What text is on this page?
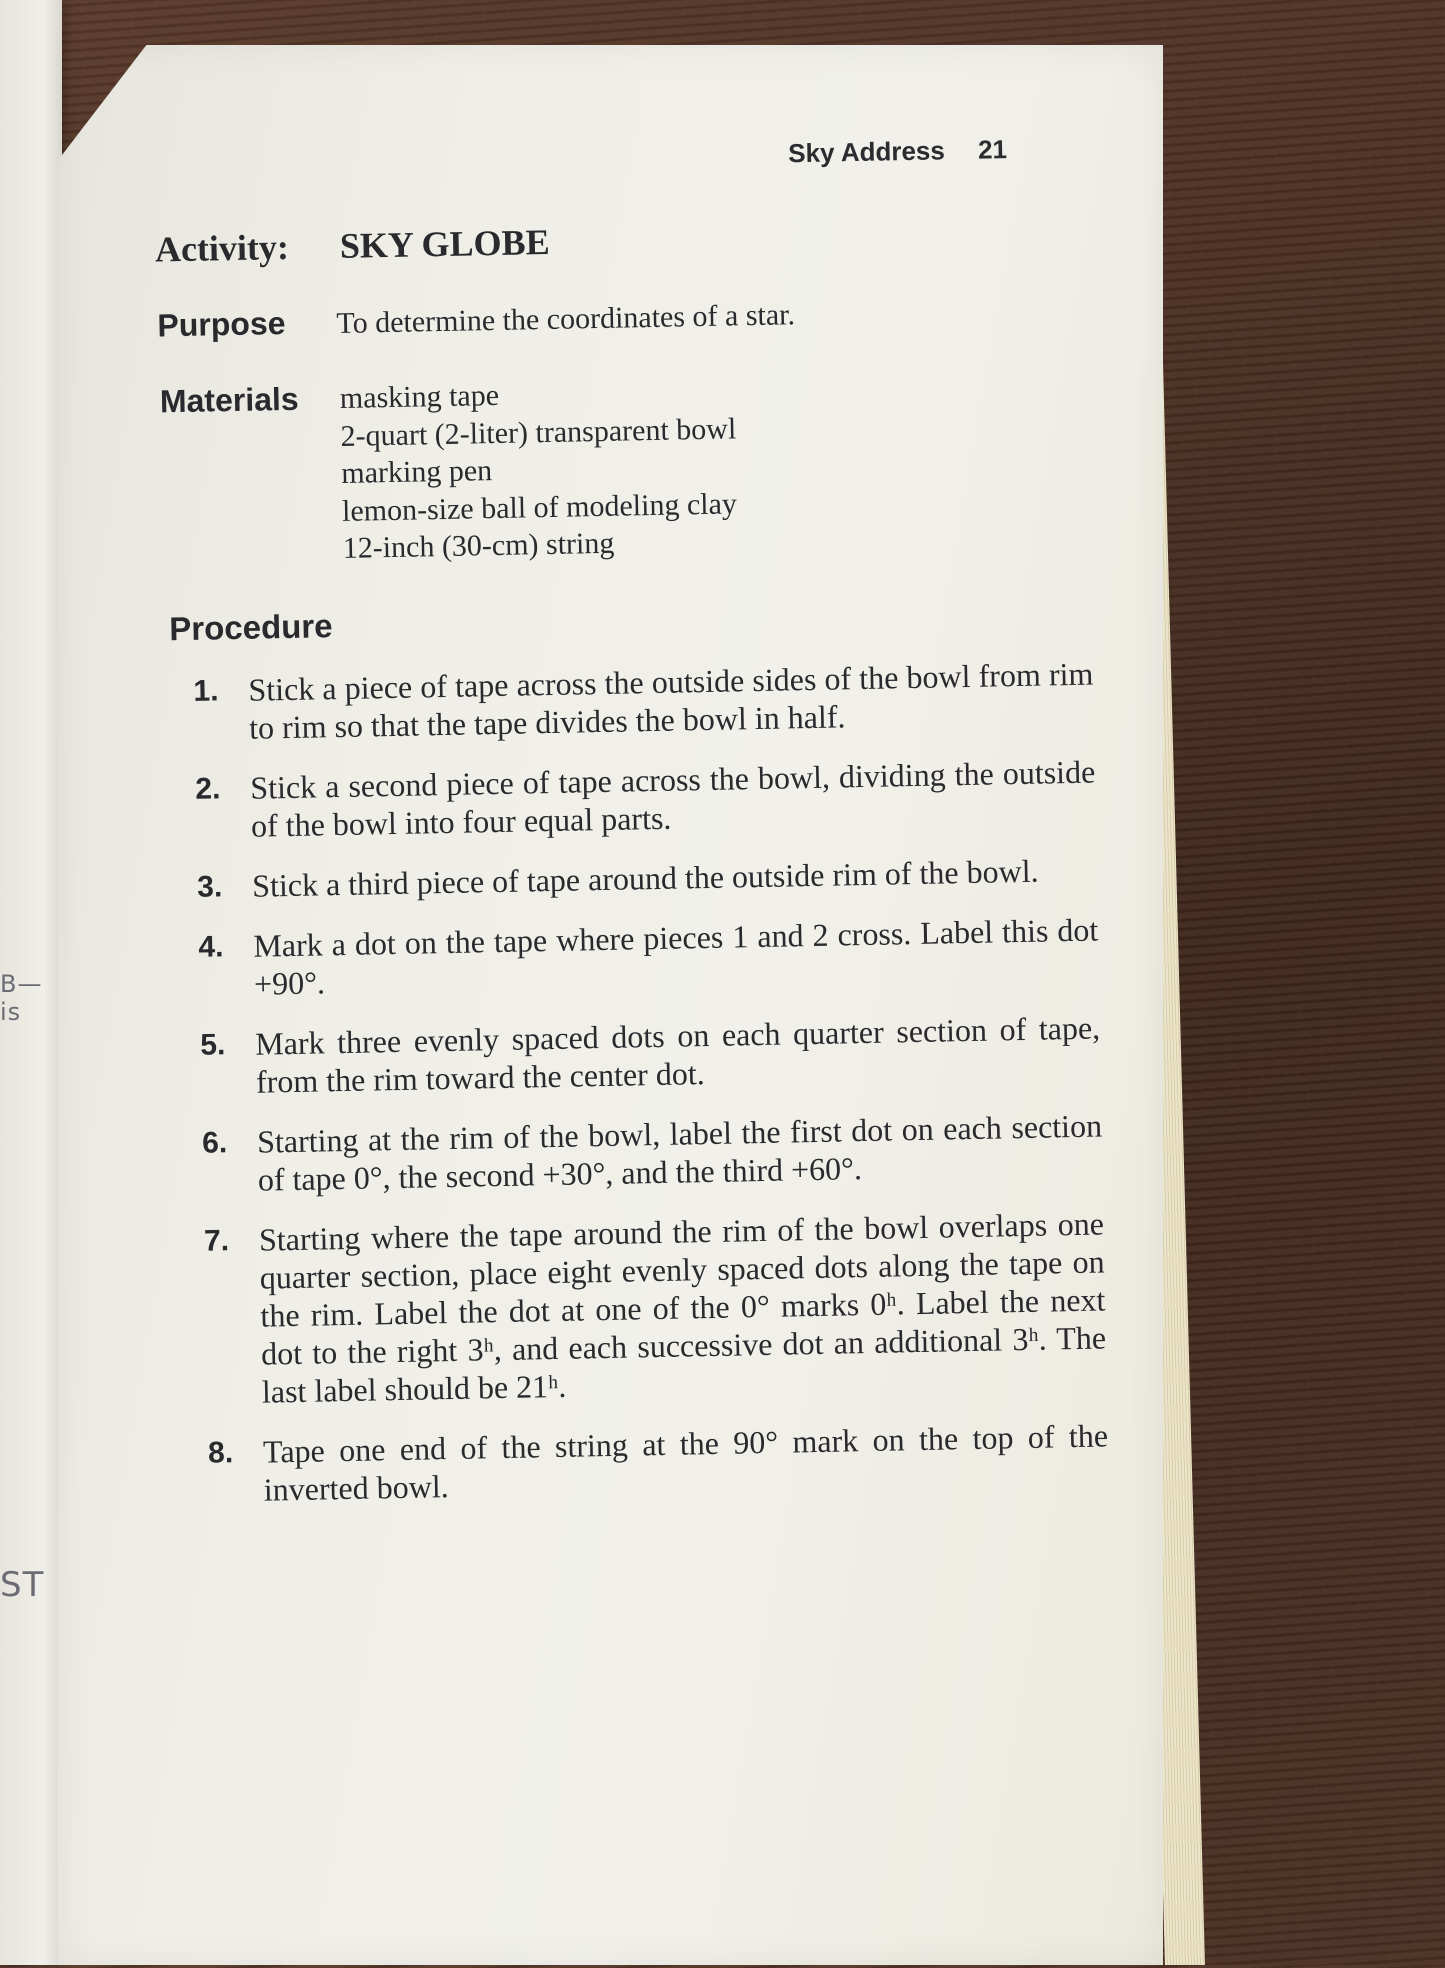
B—is
ST
Sky Address 21
Activity: SKY GLOBE
Purpose To determine the coordinates of a star.
Materials masking tape
2-quart (2-liter) transparent bowl
marking pen
lemon-size ball of modeling clay
12-inch (30-cm) string
Procedure
1. Stick a piece of tape across the outside sides of the bowl from rim to rim so that the tape divides the bowl in half.
2. Stick a second piece of tape across the bowl, dividing the outside of the bowl into four equal parts.
3. Stick a third piece of tape around the outside rim of the bowl.
4. Mark a dot on the tape where pieces 1 and 2 cross. Label this dot +90°.
5. Mark three evenly spaced dots on each quarter section of tape, from the rim toward the center dot.
6. Starting at the rim of the bowl, label the first dot on each section of tape 0°, the second +30°, and the third +60°.
7. Starting where the tape around the rim of the bowl overlaps one quarter section, place eight evenly spaced dots along the tape on the rim. Label the dot at one of the 0° marks 0ʰ. Label the next dot to the right 3ʰ, and each successive dot an additional 3ʰ. The last label should be 21ʰ.
8. Tape one end of the string at the 90° mark on the top of the inverted bowl.
